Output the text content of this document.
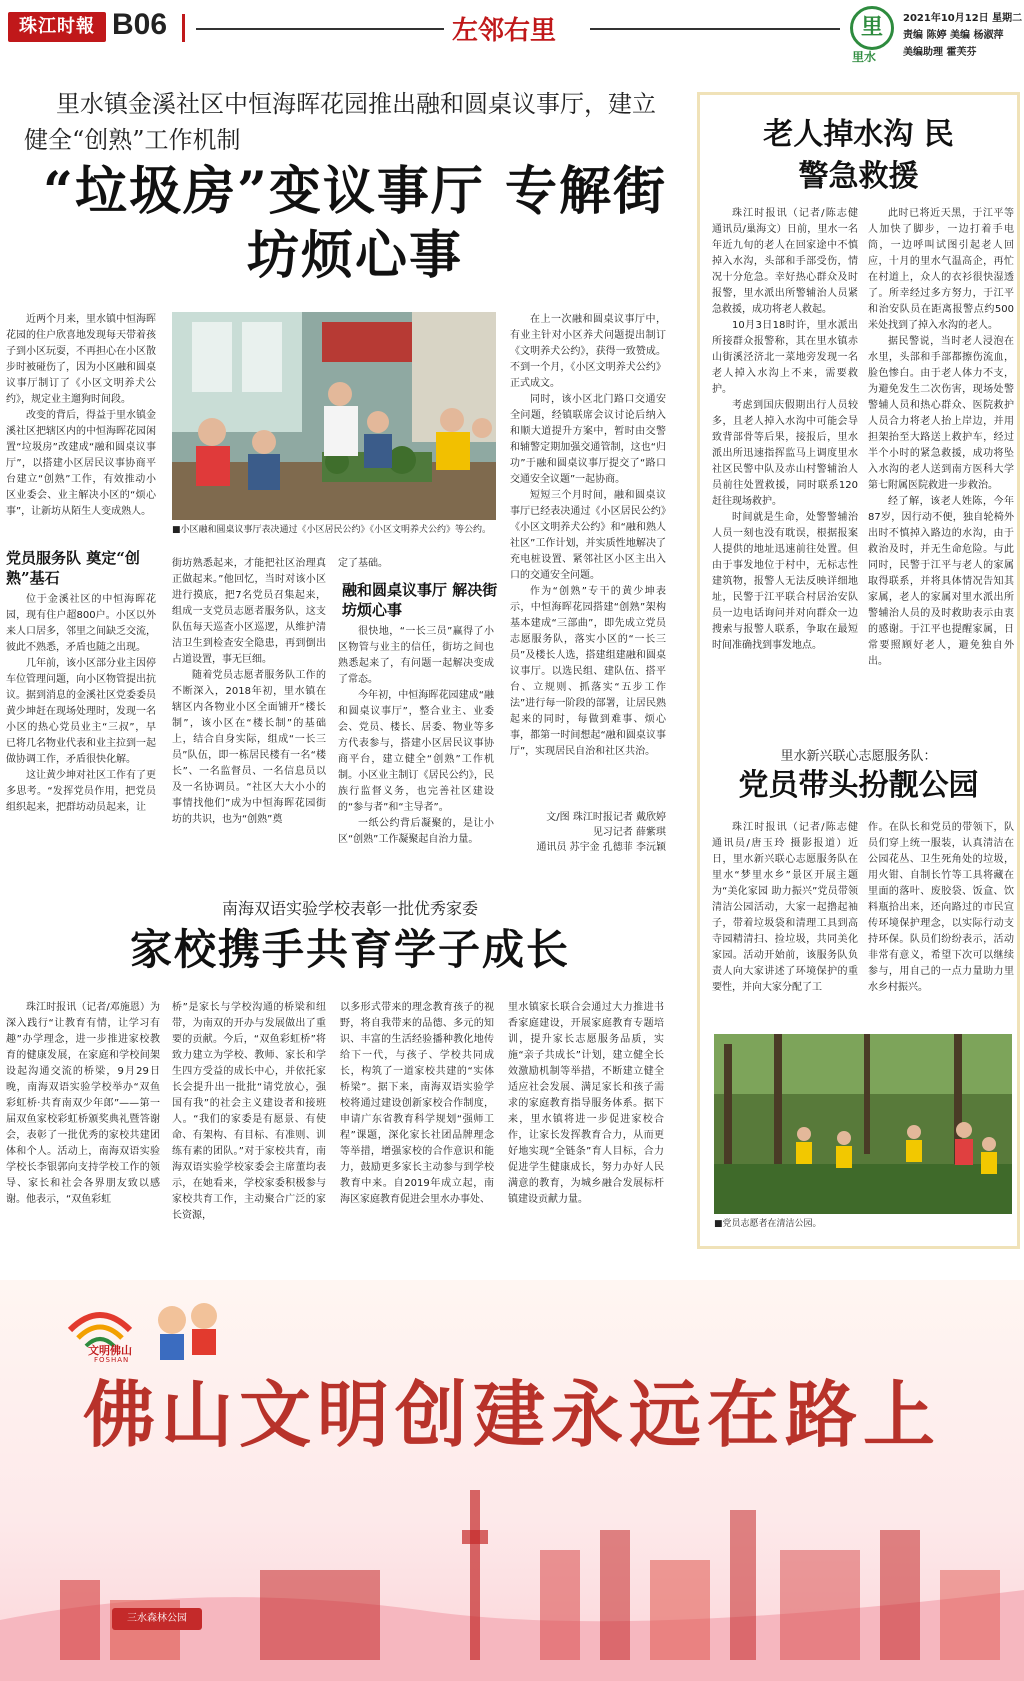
珠江时報 B06	左邻右里	里
里水
2021年10月12日 星期二
责编 陈婷 美编 杨淑萍
美编助理 霍芙芬
里水镇金溪社区中恒海晖花园推出融和圆桌议事厅，建立健全“创熟”工作机制
“垃圾房”变议事厅 专解街坊烦心事

近两个月来，里水镇中恒海晖花园的住户欣喜地发现每天带着孩子到小区玩耍，不再担心在小区散步时被碰伤了，因为小区融和圆桌议事厅制订了《小区文明养犬公约》，规定业主遛狗时间段。

改变的背后，得益于里水镇金溪社区把辖区内的中恒海晖花园闲置“垃圾房”改建成“融和圆桌议事厅”，以搭建小区居民议事协商平台建立“创熟”工作，有效推动小区业委会、业主解决小区的“烦心事”，让新坊从陌生人变成熟人。

党员服务队 奠定“创熟”基石

位于金溪社区的中恒海晖花园，现有住户超800户。小区以外来人口居多，邻里之间缺乏交流，彼此不熟悉，矛盾也随之出现。

几年前，该小区部分业主因停车位管理问题，向小区物管提出抗议。据到消息的金溪社区党委委员黄少坤赶在现场处理时，发现一名小区的热心党员业主“三叔”，早已将几名物业代表和业主拉到一起做协调工作，矛盾很快化解。

这让黄少坤对社区工作有了更多思考。“发挥党员作用，把党员组织起来，把群坊动员起来，让

■小区融和圆桌议事厅表决通过《小区居民公约》《小区文明养犬公约》等公约。

街坊熟悉起来，才能把社区治理真正做起来。”他回忆，当时对该小区进行摸底，把7名党员召集起来，组成一支党员志愿者服务队，这支队伍每天巡查小区巡逻，从维护清洁卫生到检查安全隐患，再到倒出占道设置，事无巨细。

随着党员志愿者服务队工作的不断深入，2018年初，里水镇在辖区内各物业小区全面铺开“楼长制”，该小区在“楼长制”的基础上，结合自身实际，组成“一长三员”队伍，即一栋居民楼有一名“楼长”、一名监督员、一名信息员以及一名协调员。“社区大大小小的事情找他们”成为中恒海晖花园街坊的共识，也为“创熟”奠

定了基础。
融和圆桌议事厅 解决街坊烦心事

很快地，“一长三员”赢得了小区物管与业主的信任，街坊之间也熟悉起来了，有问题一起解决变成了常态。

今年初，中恒海晖花园建成“融和圆桌议事厅”，整合业主、业委会、党员、楼长、居委、物业等多方代表参与，搭建小区居民议事协商平台，建立健全“创熟”工作机制。小区业主制订《居民公约》，民族行监督义务，也完善社区建设的“参与者”和“主导者”。

一纸公约背后凝聚的，是让小区“创熟”工作凝聚起自治力量。

在上一次融和圆桌议事厅中，有业主针对小区养犬问题提出制订《文明养犬公约》，获得一致赞成。不到一个月，《小区文明养犬公约》正式成文。

同时，该小区北门路口交通安全问题，经镇联席会议讨论后纳入和顺大道提升方案中，暂时由交警和辅警定期加强交通管制，这也“归功”于融和圆桌议事厅提交了“路口交通安全议题”一起协商。

短短三个月时间，融和圆桌议事厅已经表决通过《小区居民公约》《小区文明养犬公约》和“融和熟人社区”工作计划，并实质性地解决了充电桩设置、紧邻社区小区主出入口的交通安全问题。

作为“创熟”专干的黄少坤表示，中恒海晖花园搭建“创熟”架构基本建成“三部曲”，即先成立党员志愿服务队，落实小区的“一长三员”及楼长人选，搭建组建融和圆桌议事厅。以选民组、建队伍、搭平台、立规则、抓落实“五步工作法”进行每一阶段的部署，让居民熟起来的同时，每做到难事、烦心事，都第一时间想起“融和圆桌议事厅”，实现居民自治和社区共治。

文/图 珠江时报记者 戴欣婷
见习记者 薛紫琪
通讯员 苏宇金 孔德菲 李沅颖
南海双语实验学校表彰一批优秀家委
家校携手共育学子成长
珠江时报讯（记者/邓施恩）为深入践行“让教育有情，让学习有趣”办学理念，进一步推进家校教育的健康发展，在家庭和学校间架设起沟通交流的桥梁，9月29日晚，南海双语实验学校举办“双鱼彩虹桥·共育南双少年郎”——第一届双鱼家校彩虹桥颁奖典礼暨答谢会，表彰了一批优秀的家校共建团体和个人。活动上，南海双语实验学校长李银郭向支持学校工作的领导、家长和社会各界朋友致以感谢。他表示，“双鱼彩虹
桥”是家长与学校沟通的桥梁和纽带，为南双的开办与发展做出了重要的贡献。今后，“双鱼彩虹桥”将致力建立为学校、教师、家长和学生四方受益的成长中心，并依托家长会提升出一批批“请党放心，强国有我”的社会主义建设者和接班人。“我们的家委是有愿景、有使命、有架构、有目标、有准则、训练有素的团队。”对于家校共育，南海双语实验学校家委会主席董均表示，在她看来，学校家委积极参与家校共育工作，主动聚合广泛的家长资源，
以多形式带来的理念教育孩子的视野，将自我带来的品德、多元的知识、丰富的生活经验播种教化地传给下一代，与孩子、学校共同成长，构筑了一道家校共建的“实体桥梁”。据下来，南海双语实验学校将通过建设创新家校合作制度，申请广东省教育科学规划“强师工程”课题，深化家长社团品牌理念等举措，增强家校的合作意识和能力，鼓励更多家长主动参与到学校教育中来。自2019年成立起，南海区家庭教育促进会里水办事处、
里水镇家长联合会通过大力推进书香家庭建设，开展家庭教育专题培训，提升家长志愿服务品质，实施“亲子共成长”计划，建立健全长效激励机制等举措，不断建立健全适应社会发展、满足家长和孩子需求的家庭教育指导服务体系。据下来，里水镇将进一步促进家校合作，让家长发挥教育合力，从而更好地实现“全链条”育人目标，合力促进学生健康成长，努力办好人民满意的教育，为城乡融合发展标杆镇建设贡献力量。
老人掉水沟 民警急救援

珠江时报讯（记者/陈志健 通讯员/巢海文）日前，里水一名年近九旬的老人在回家途中不慎掉入水沟，头部和手部受伤，情况十分危急。幸好热心群众及时报警，里水派出所警辅治人员紧急救援，成功将老人救起。

10月3日18时许，里水派出所接群众报警称，其在里水镇赤山街溪泾济北一菜地旁发现一名老人掉入水沟上不来，需要救护。

考虑到国庆假期出行人员较多，且老人掉入水沟中可能会导致背部骨等后果，接报后，里水派出所迅速指挥监马上调度里水社区民警中队及赤山村警辅治人员前往处置救援，同时联系120赶往现场救护。

时间就是生命，处警警辅治人员一刻也没有耽误，根据报案人提供的地址迅速前往处置。但由于事发地位于村中，无标志性建筑物，报警人无法反映详细地址，民警于江平联合村居治安队员一边电话询问并对向群众一边搜索与报警人联系，争取在最短时间准确找到事发地点。

此时已将近天黑，于江平等人加快了脚步，一边打着手电筒，一边呼叫试图引起老人回应，十月的里水气温高企，再忙在村道上，众人的衣衫很快湿透了。所幸经过多方努力，于江平和治安队员在距离报警点约500米处找到了掉入水沟的老人。

据民警说，当时老人浸泡在水里，头部和手部都擦伤流血，脸色惨白。由于老人体力不支，为避免发生二次伤害，现场处警警辅人员和热心群众、医院救护人员合力将老人抬上岸边，并用担架抬至大路送上救护车，经过半个小时的紧急救援，成功将坠入水沟的老人送到南方医科大学第七附属医院救进一步救治。

经了解，该老人姓陈，今年87岁，因行动不便，独自轮椅外出时不慎掉入路边的水沟，由于救治及时，并无生命危险。与此同时，民警于江平与老人的家属取得联系，并将具体情况告知其家属，老人的家属对里水派出所警辅治人员的及时救助表示由衷的感谢。于江平也提醒家属，日常要照顾好老人，避免独自外出。

里水新兴联心志愿服务队：
党员带头扮靓公园
珠江时报讯（记者/陈志健 通讯员/唐玉玲 摄影报道）近日，里水新兴联心志愿服务队在里水“梦里水乡”景区开展主题为“美化家园 助力振兴”党员带领清洁公园活动，大家一起撸起袖子，带着垃圾袋和清理工具到高寺园精清扫、捡垃圾，共同美化家园。活动开始前，该服务队负责人向大家讲述了环境保护的重要性，并向大家分配了工
作。在队长和党员的带领下，队员们穿上统一服装，认真清洁在公园花丛、卫生死角处的垃圾，用火钳、自制长竹等工具将藏在里面的落叶、废胶袋、饭盒、饮料瓶拾出来，还向路过的市民宣传环境保护理念，以实际行动支持环保。队员们纷纷表示，活动非常有意义，希望下次可以继续参与，用自己的一点力量助力里水乡村振兴。
■党员志愿者在清洁公园。
三水森林公园
文明佛山
FOSHAN
佛山文明创建永远在路上
